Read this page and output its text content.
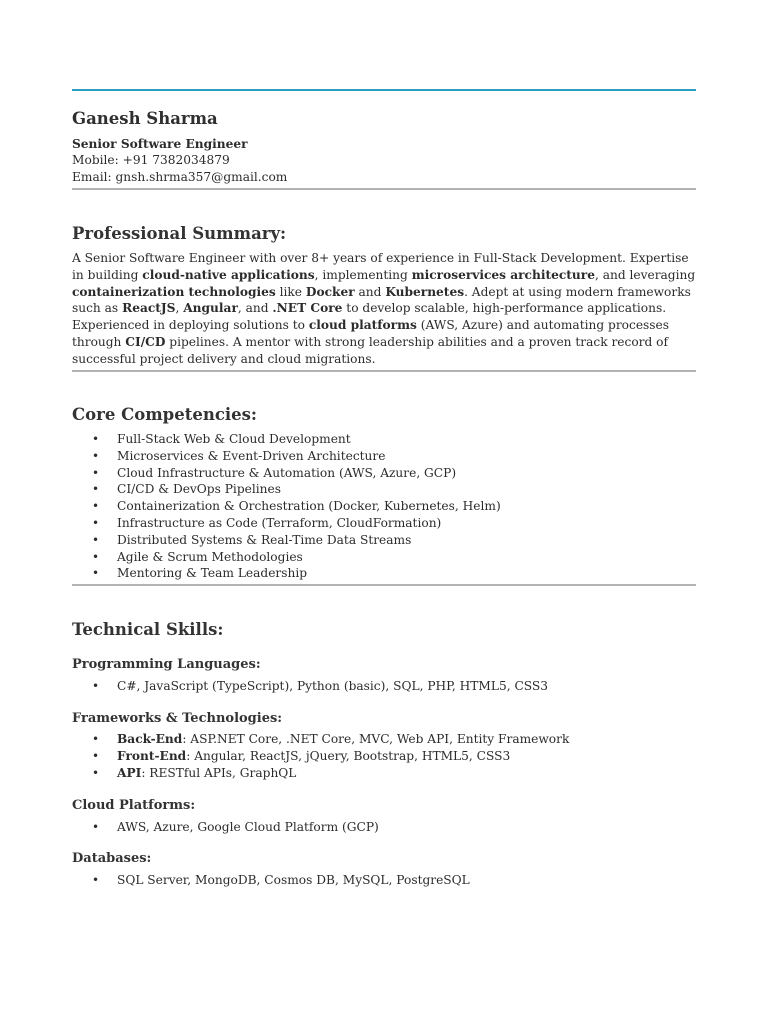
Ganesh Sharma
Senior Software Engineer
Mobile: +91 7382034879
Email: gnsh.shrma357@gmail.com
Professional Summary:
A Senior Software Engineer with over 8+ years of experience in Full-Stack Development. Expertise in building cloud-native applications, implementing microservices architecture, and leveraging containerization technologies like Docker and Kubernetes. Adept at using modern frameworks such as ReactJS, Angular, and .NET Core to develop scalable, high-performance applications. Experienced in deploying solutions to cloud platforms (AWS, Azure) and automating processes through CI/CD pipelines. A mentor with strong leadership abilities and a proven track record of successful project delivery and cloud migrations.
Core Competencies:
• Full-Stack Web & Cloud Development
• Microservices & Event-Driven Architecture
• Cloud Infrastructure & Automation (AWS, Azure, GCP)
• CI/CD & DevOps Pipelines
• Containerization & Orchestration (Docker, Kubernetes, Helm)
• Infrastructure as Code (Terraform, CloudFormation)
• Distributed Systems & Real-Time Data Streams
• Agile & Scrum Methodologies
• Mentoring & Team Leadership
Technical Skills:
Programming Languages:
• C#, JavaScript (TypeScript), Python (basic), SQL, PHP, HTML5, CSS3
Frameworks & Technologies:
• Back-End: ASP.NET Core, .NET Core, MVC, Web API, Entity Framework
• Front-End: Angular, ReactJS, jQuery, Bootstrap, HTML5, CSS3
• API: RESTful APIs, GraphQL
Cloud Platforms:
• AWS, Azure, Google Cloud Platform (GCP)
Databases:
• SQL Server, MongoDB, Cosmos DB, MySQL, PostgreSQL
